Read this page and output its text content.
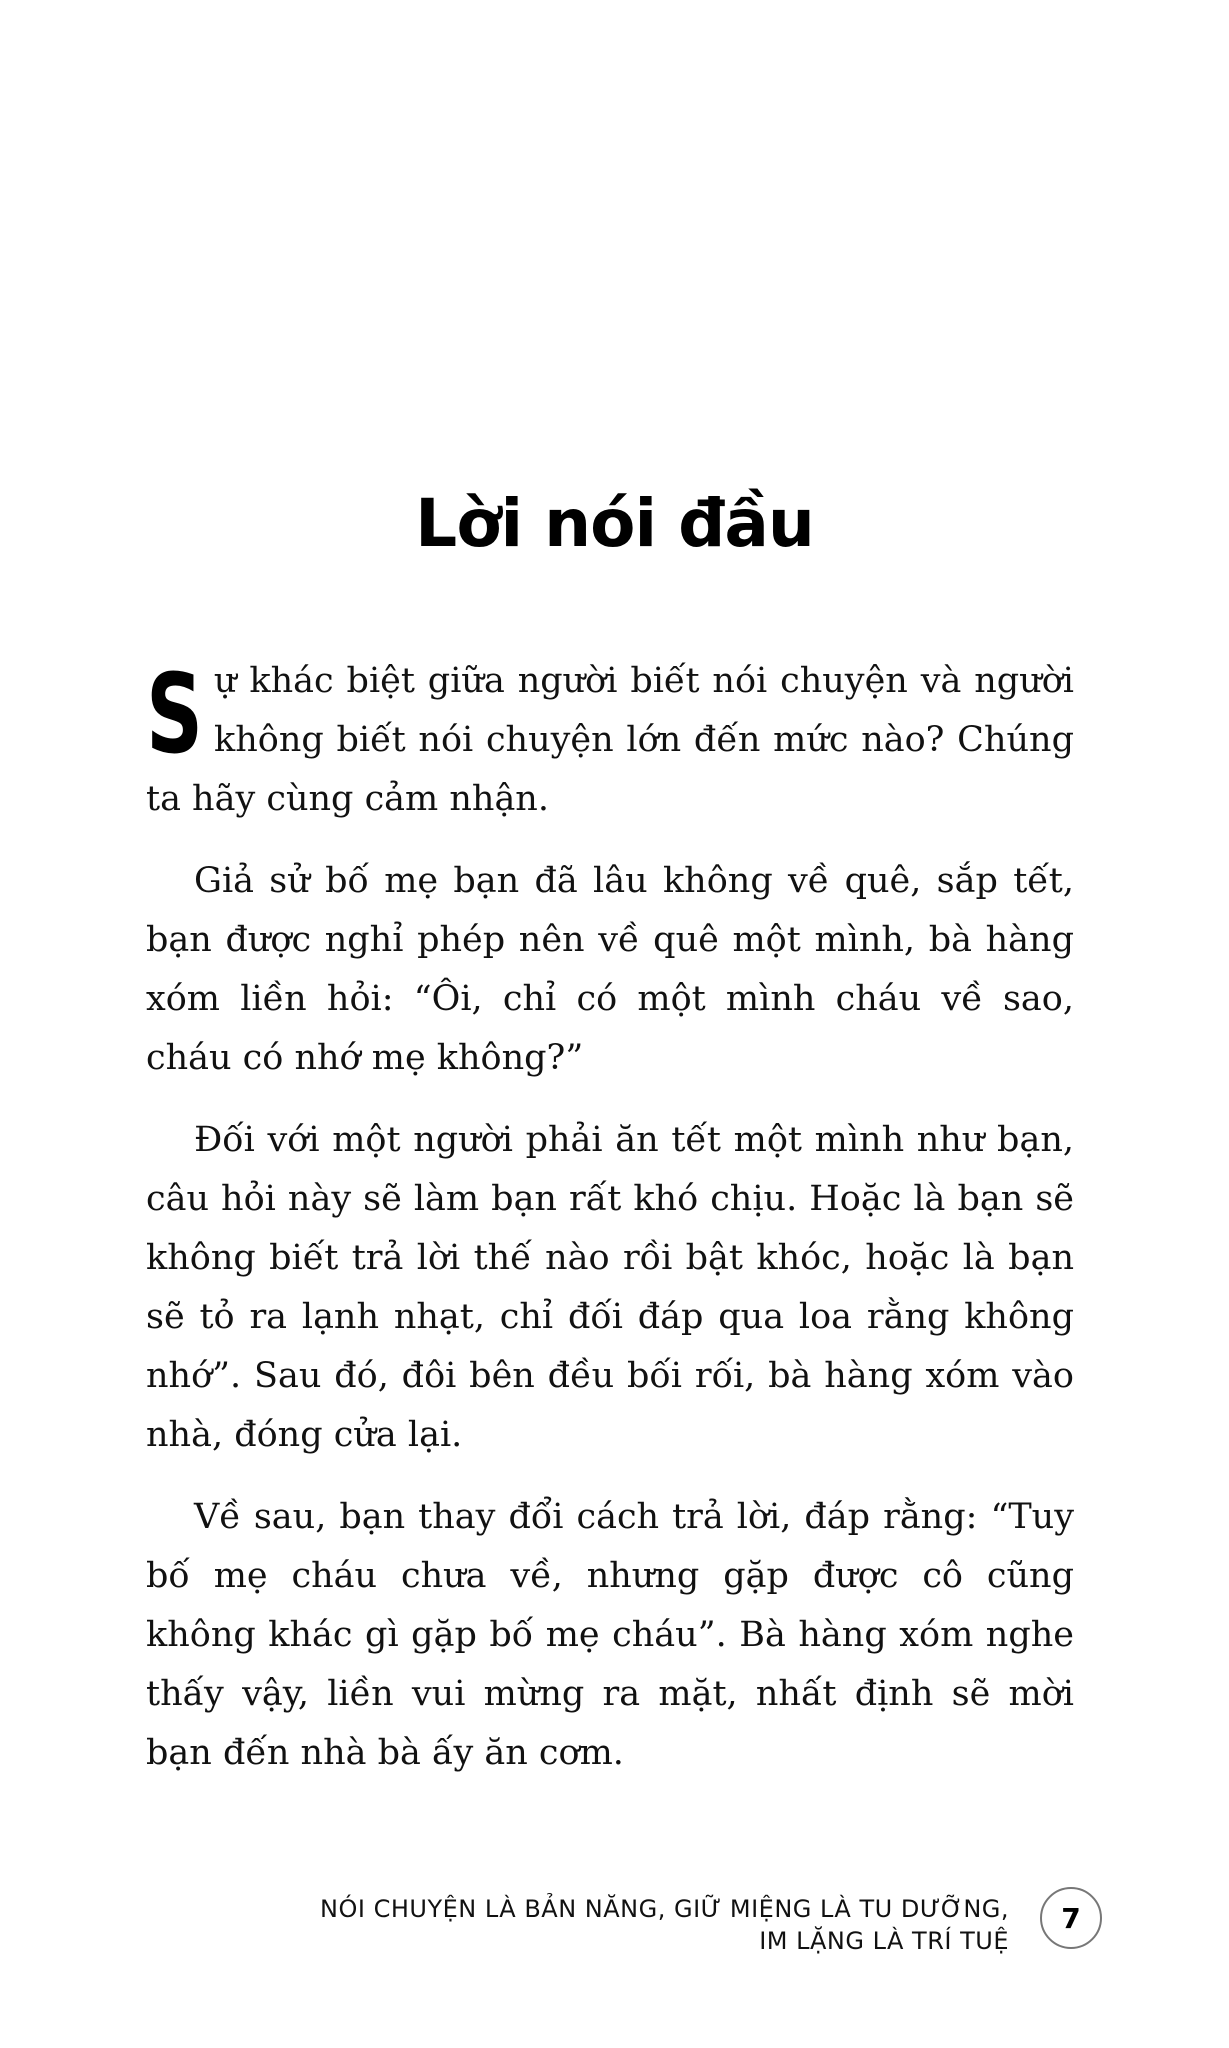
Lời nói đầu

Sự khác biệt giữa người biết nói chuyện và người không biết nói chuyện lớn đến mức nào? Chúng ta hãy cùng cảm nhận.

Giả sử bố mẹ bạn đã lâu không về quê, sắp tết, bạn được nghỉ phép nên về quê một mình, bà hàng xóm liền hỏi: “Ôi, chỉ có một mình cháu về sao, cháu có nhớ mẹ không?”

Đối với một người phải ăn tết một mình như bạn, câu hỏi này sẽ làm bạn rất khó chịu. Hoặc là bạn sẽ không biết trả lời thế nào rồi bật khóc, hoặc là bạn sẽ tỏ ra lạnh nhạt, chỉ đối đáp qua loa rằng không nhớ”. Sau đó, đôi bên đều bối rối, bà hàng xóm vào nhà, đóng cửa lại.

Về sau, bạn thay đổi cách trả lời, đáp rằng: “Tuy bố mẹ cháu chưa về, nhưng gặp được cô cũng không khác gì gặp bố mẹ cháu”. Bà hàng xóm nghe thấy vậy, liền vui mừng ra mặt, nhất định sẽ mời bạn đến nhà bà ấy ăn cơm.

NÓI CHUYỆN LÀ BẢN NĂNG, GIỮ MIỆNG LÀ TU DƯỠNG,
IM LẶNG LÀ TRÍ TUỆ
7
